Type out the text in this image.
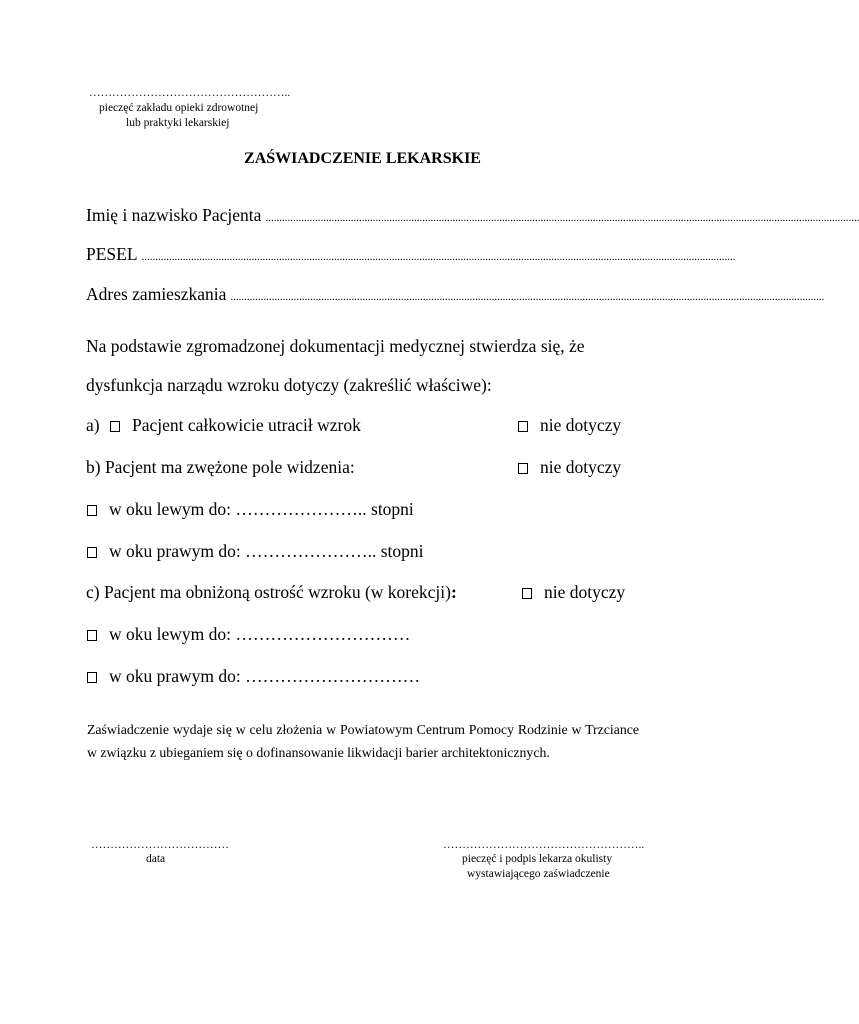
……………………………………………..
pieczęć zakładu opieki zdrowotnej
lub praktyki lekarskiej
ZAŚWIADCZENIE LEKARSKIE
Imię i nazwisko Pacjenta ........................................................................................................................................................................................................................
PESEL ........................................................................................................................................................................................................................
Adres zamieszkania ........................................................................................................................................................................................................................
Na podstawie zgromadzonej dokumentacji medycznej stwierdza się, że
dysfunkcja narządu wzroku dotyczy (zakreślić właściwe):
a) Pacjent całkowicie utracił wzrok	nie dotyczy
b) Pacjent ma zwężone pole widzenia:	nie dotyczy
w oku lewym do: ………………….. stopni
w oku prawym do: ………………….. stopni
c) Pacjent ma obniżoną ostrość wzroku (w korekcji):	nie dotyczy
w oku lewym do: …………………………
w oku prawym do: …………………………
Zaświadczenie wydaje się w celu złożenia w Powiatowym Centrum Pomocy Rodzinie w Trzciance w związku z ubieganiem się o dofinansowanie likwidacji barier architektonicznych.
………………………………
data
……………………………………………..
pieczęć i podpis lekarza okulisty
wystawiającego zaświadczenie
